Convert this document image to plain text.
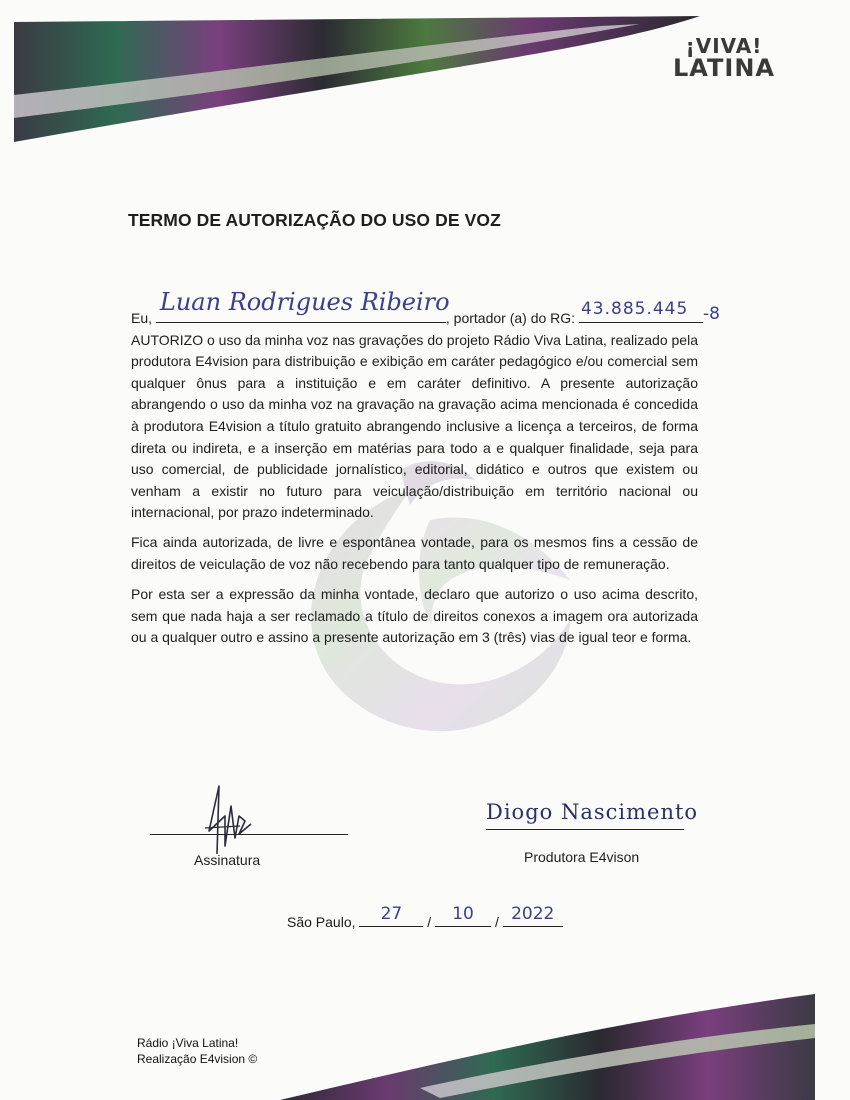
¡VIVA!
LATINA
TERMO DE AUTORIZAÇÃO DO USO DE VOZ
Eu,
Luan Rodrigues Ribeiro
, portador (a) do RG: 43.885.445 -8
AUTORIZO o uso da minha voz nas gravações do projeto Rádio Viva Latina, realizado pela produtora E4vision para distribuição e exibição em caráter pedagógico e/ou comercial sem qualquer ônus para a instituição e em caráter definitivo. A presente autorização abrangendo o uso da minha voz na gravação na gravação acima mencionada é concedida à produtora E4vision a título gratuito abrangendo inclusive a licença a terceiros, de forma direta ou indireta, e a inserção em matérias para todo a e qualquer finalidade, seja para uso comercial, de publicidade jornalístico, editorial, didático e outros que existem ou venham a existir no futuro para veiculação/distribuição em território nacional ou internacional, por prazo indeterminado.
Fica ainda autorizada, de livre e espontânea vontade, para os mesmos fins a cessão de direitos de veiculação de voz não recebendo para tanto qualquer tipo de remuneração.
Por esta ser a expressão da minha vontade, declaro que autorizo o uso acima descrito, sem que nada haja a ser reclamado a título de direitos conexos a imagem ora autorizada ou a qualquer outro e assino a presente autorização em 3 (três) vias de igual teor e forma.
Assinatura
Diogo Nascimento
Produtora E4vison
São Paulo,	27	/	10	/ 2022
Rádio ¡Viva Latina!
Realização E4vision ©
